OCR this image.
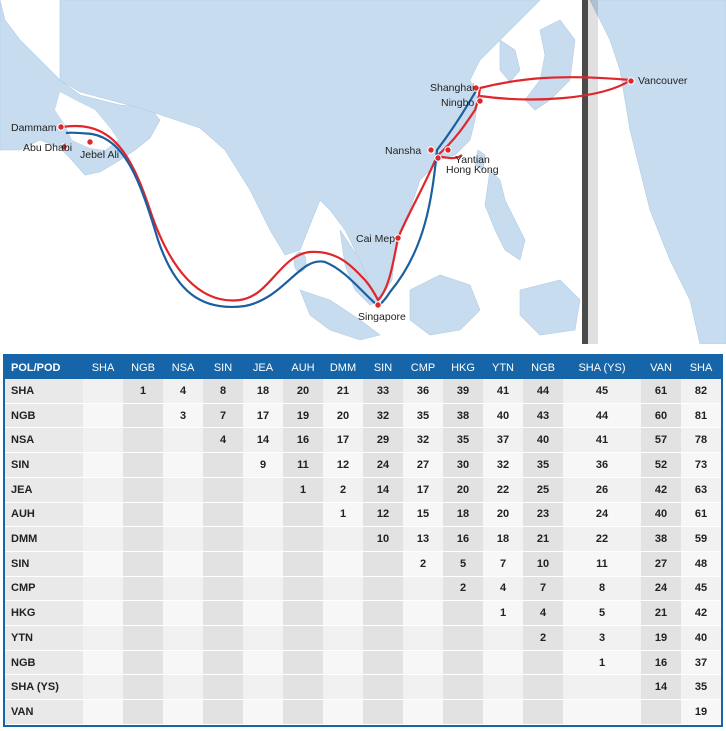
Shanghai
Ningbo
Vancouver
Dammam
Abu Dhabi
Jebel Ali	Nansha
Yantian
Hong Kong
Cai Mep
Singapore
POL/POD	SHA	NGB	NSA	SIN	JEA	AUH	DMM	SIN	CMP	HKG	YTN	NGB	SHA (YS)	VAN	SHA
SHA		1	4	8	18	20	21	33	36	39	41	44	45	61	82
NGB			3	7	17	19	20	32	35	38	40	43	44	60	81
NSA				4	14	16	17	29	32	35	37	40	41	57	78
SIN					9	11	12	24	27	30	32	35	36	52	73
JEA						1	2	14	17	20	22	25	26	42	63
AUH							1	12	15	18	20	23	24	40	61
DMM								10	13	16	18	21	22	38	59
SIN									2	5	7	10	11	27	48
CMP										2	4	7	8	24	45
HKG											1	4	5	21	42
YTN												2	3	19	40
NGB													1	16	37
SHA (YS)														14	35
VAN															19
